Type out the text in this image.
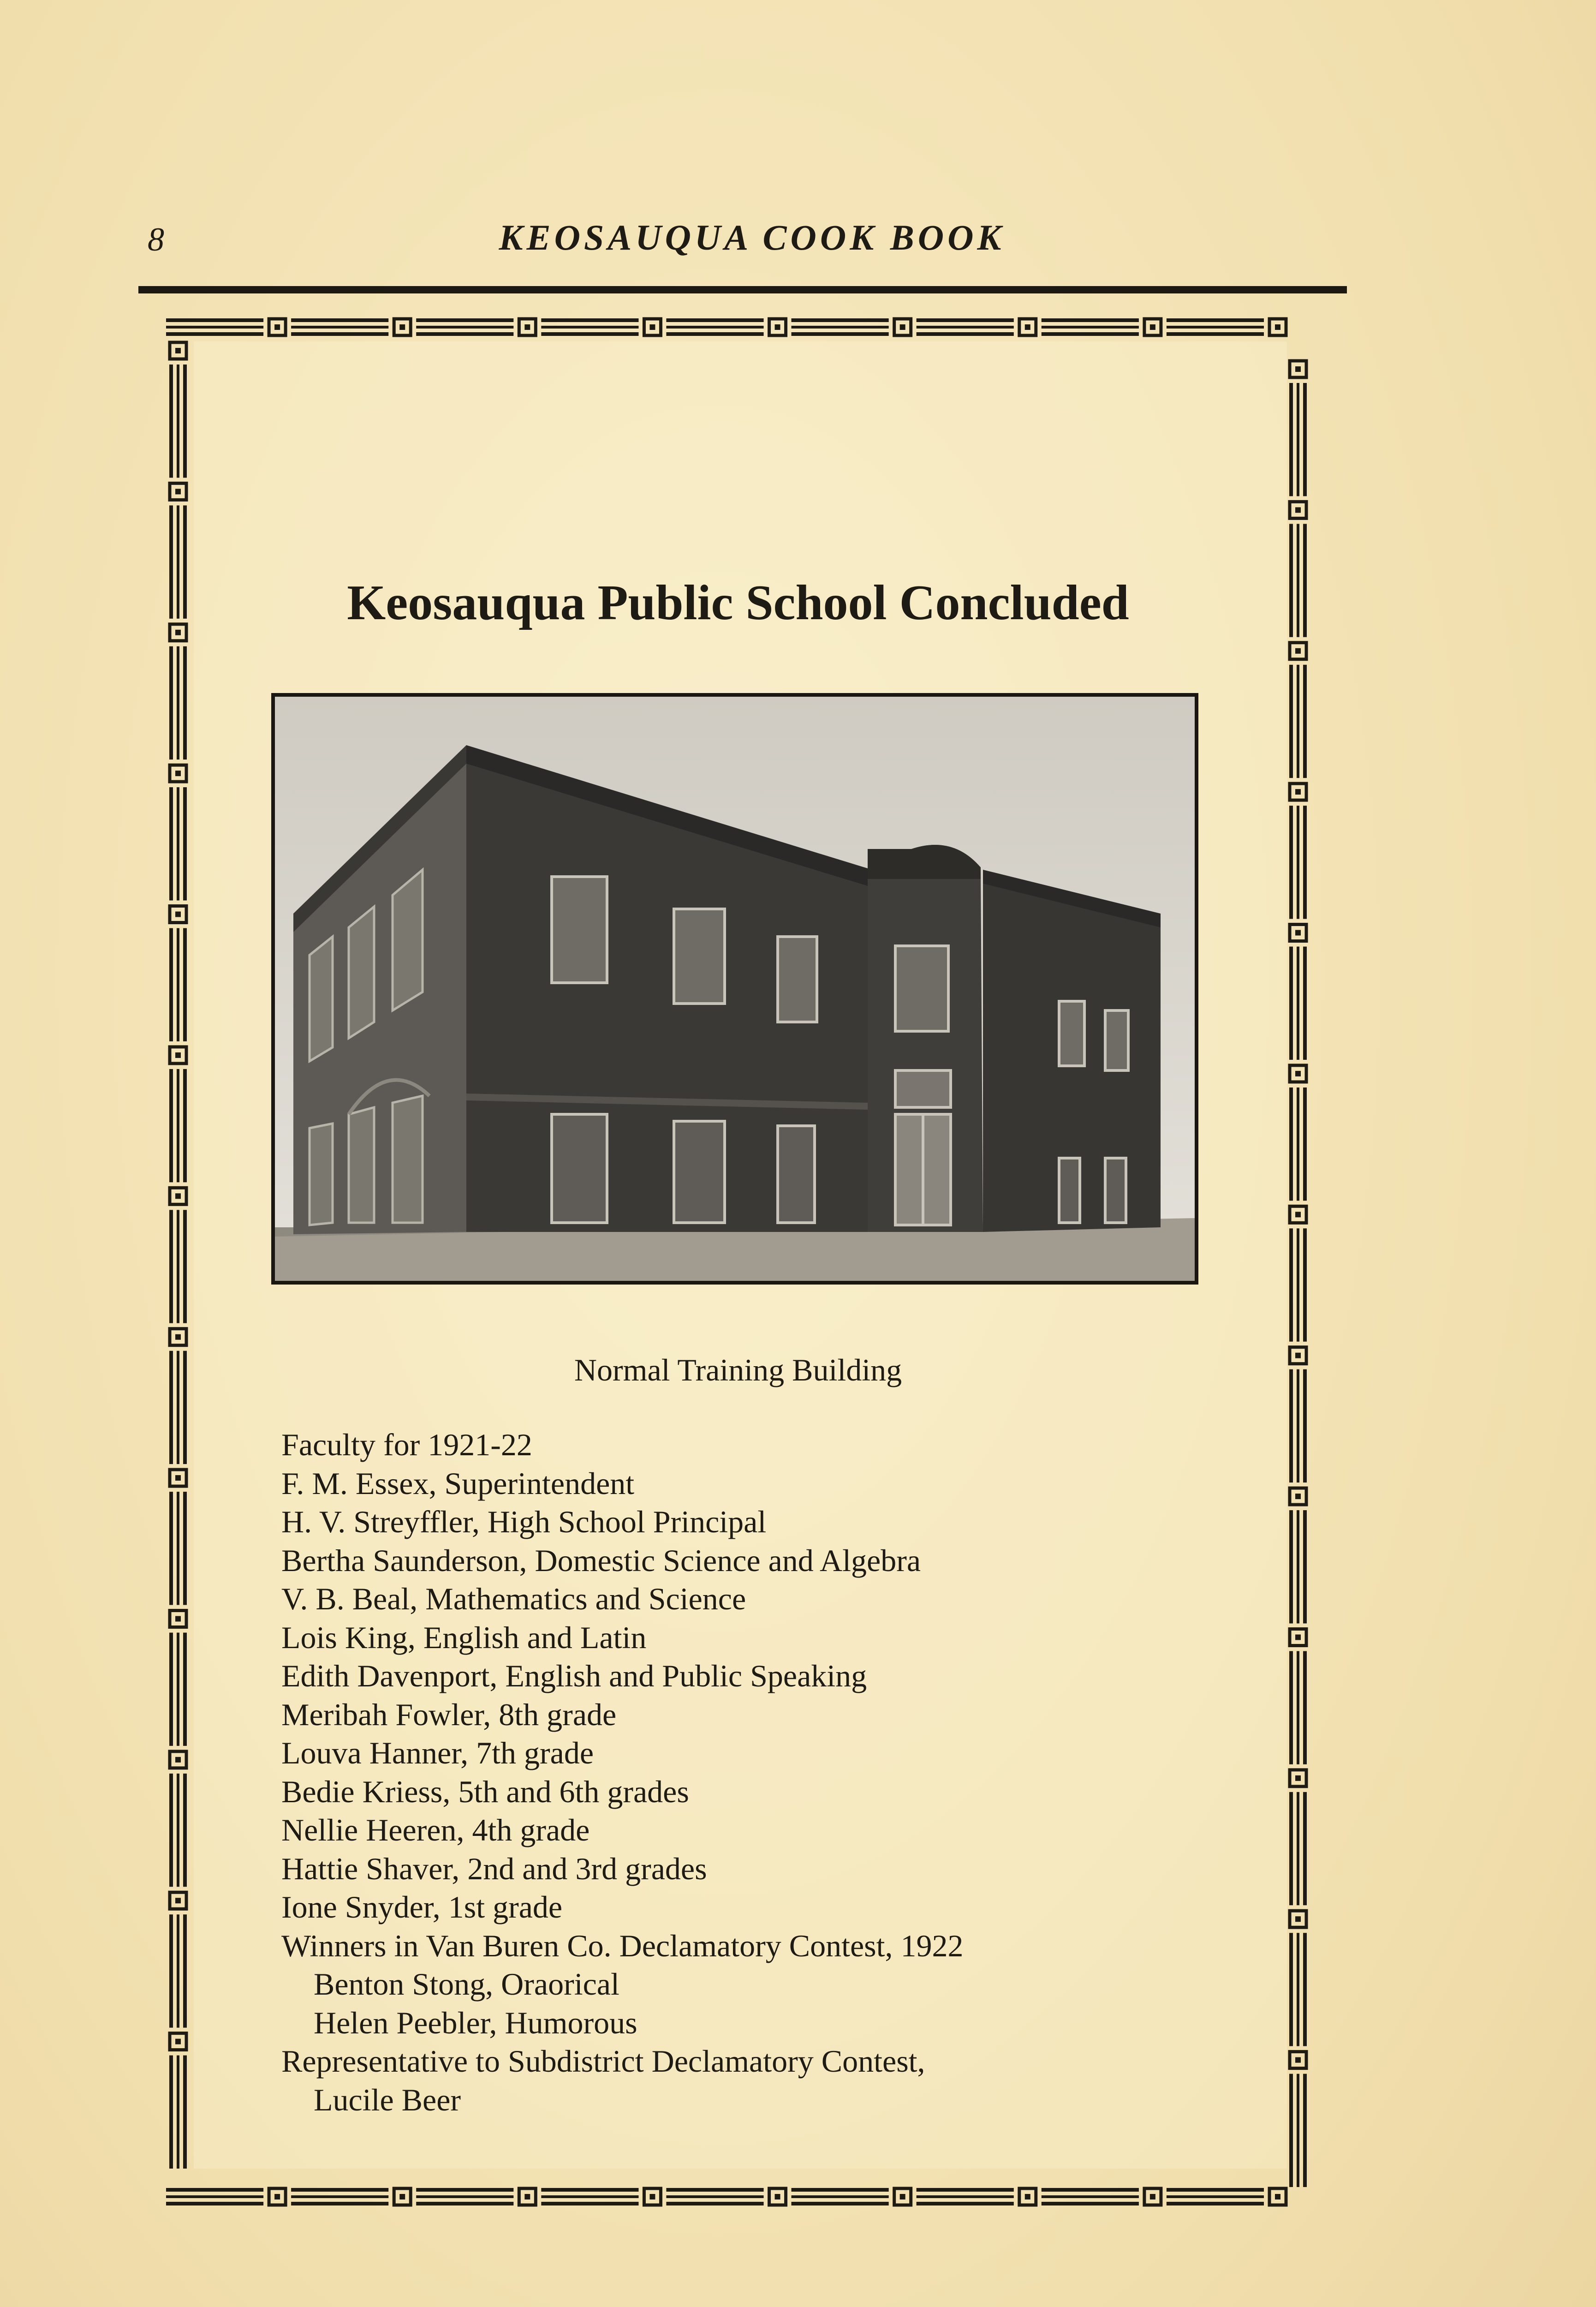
8	KEOSAUQUA COOK BOOK
Keosauqua Public School Concluded
Normal Training Building
Faculty for 1921-22
F. M. Essex, Superintendent
H. V. Streyffler, High School Principal
Bertha Saunderson, Domestic Science and Algebra
V. B. Beal, Mathematics and Science
Lois King, English and Latin
Edith Davenport, English and Public Speaking
Meribah Fowler, 8th grade
Louva Hanner, 7th grade
Bedie Kriess, 5th and 6th grades
Nellie Heeren, 4th grade
Hattie Shaver, 2nd and 3rd grades
Ione Snyder, 1st grade
Winners in Van Buren Co. Declamatory Contest, 1922
Benton Stong, Oraorical
Helen Peebler, Humorous
Representative to Subdistrict Declamatory Contest,
Lucile Beer
